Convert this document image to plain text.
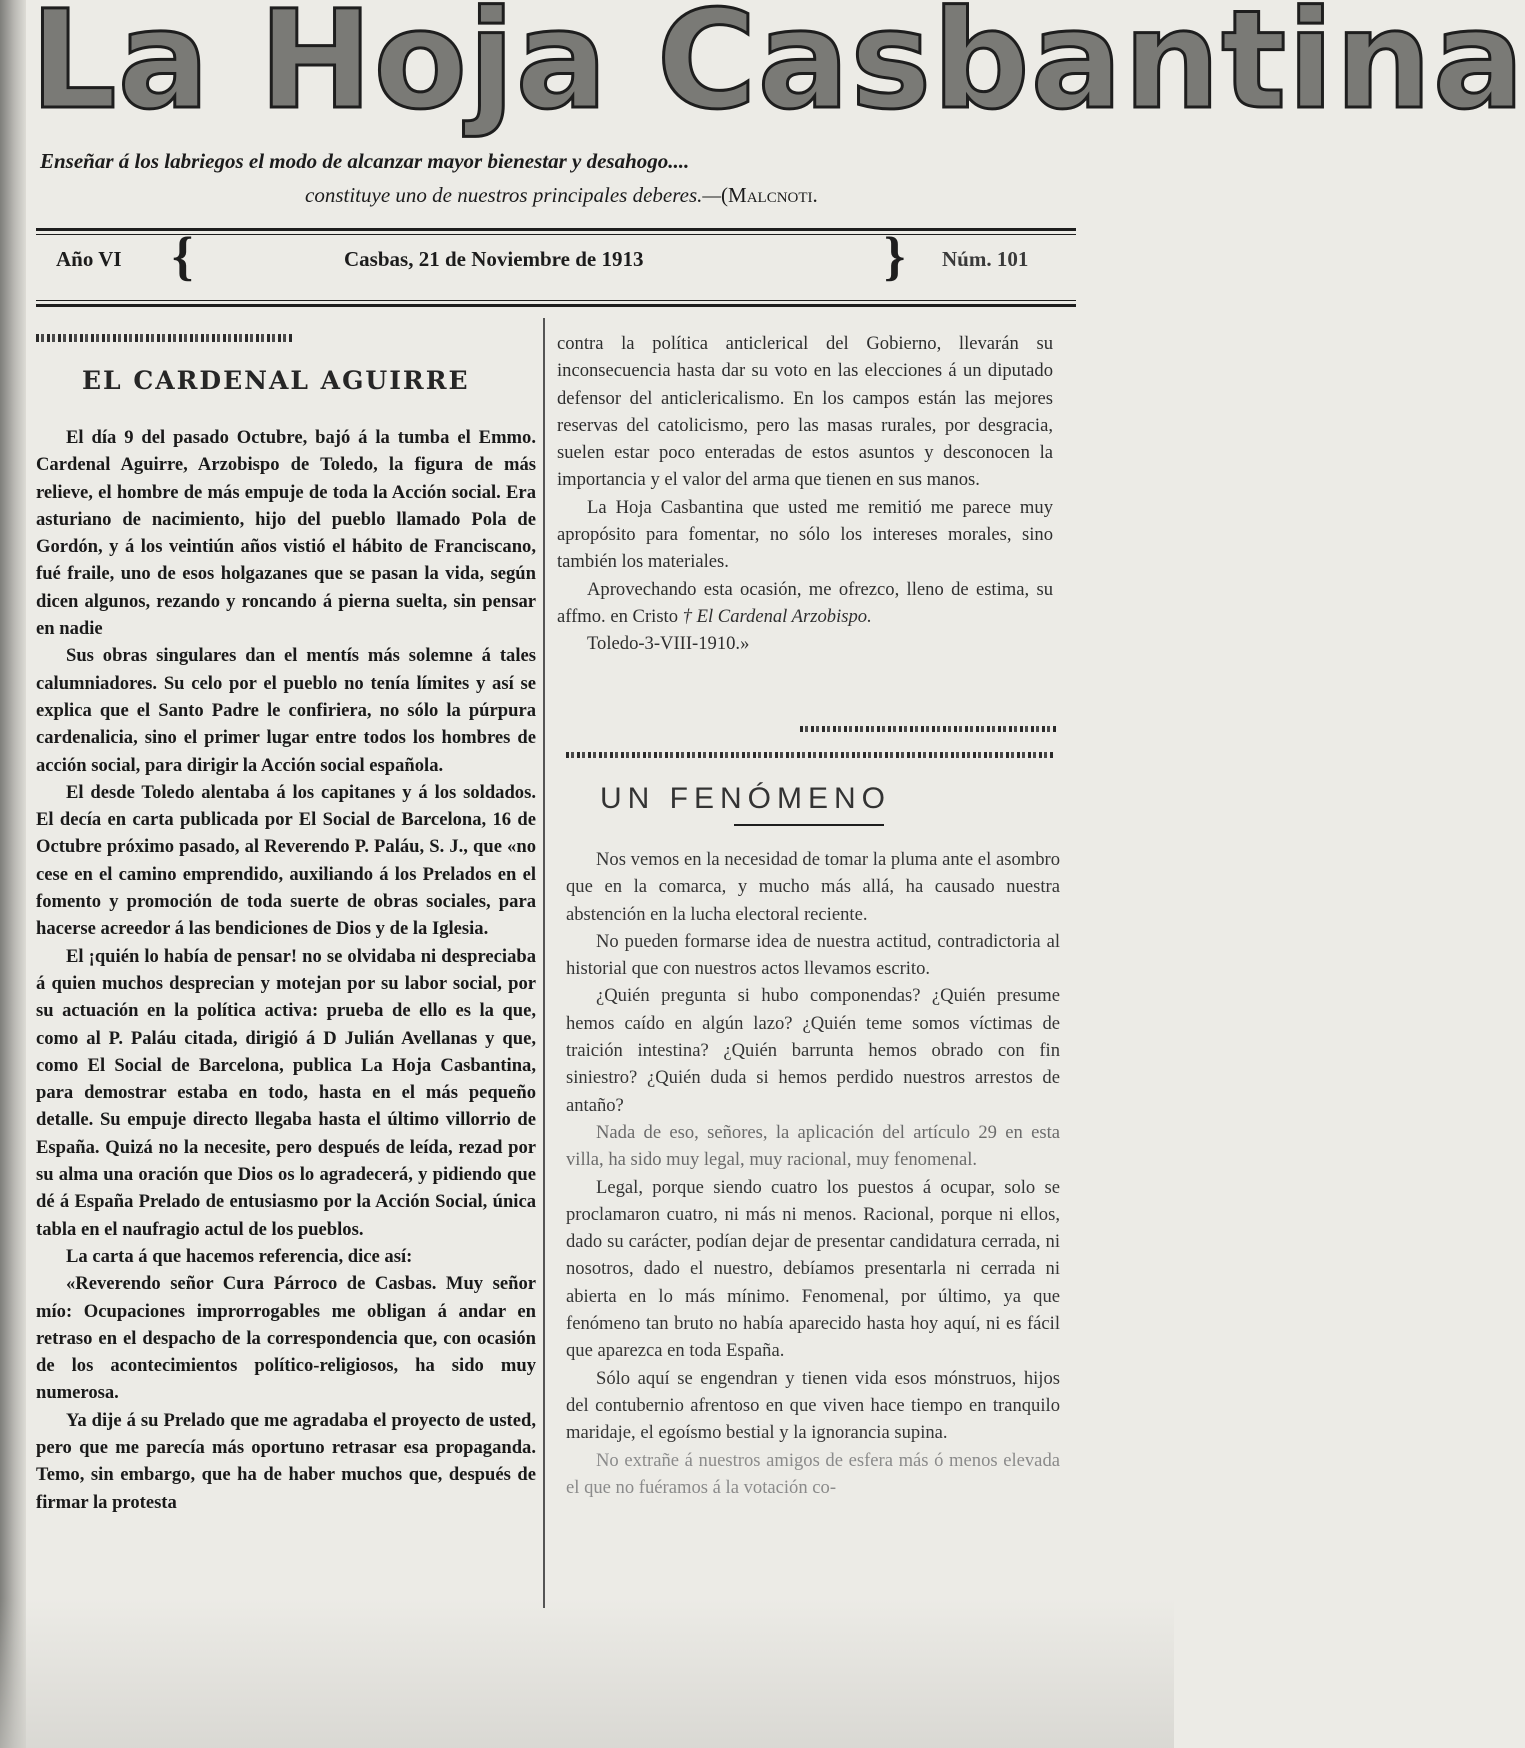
La Hoja Casbantina
Enseñar á los labriegos el modo de alcanzar mayor bienestar y desahogo....
constituye uno de nuestros principales deberes.—(Malcnoti.
Año VI {	Casbas, 21 de Noviembre de 1913	} Núm. 101
EL CARDENAL AGUIRRE

El día 9 del pasado Octubre, bajó á la tumba el Emmo. Cardenal Aguirre, Arzobispo de Toledo, la figura de más relieve, el hombre de más empuje de toda la Acción social. Era asturiano de nacimiento, hijo del pueblo llamado Pola de Gordón, y á los veintiún años vistió el hábito de Franciscano, fué fraile, uno de esos holgazanes que se pasan la vida, según dicen algunos, rezando y roncando á pierna suelta, sin pensar en nadie

Sus obras singulares dan el mentís más solemne á tales calumniadores. Su celo por el pueblo no tenía límites y así se explica que el Santo Padre le confiriera, no sólo la púrpura cardenalicia, sino el primer lugar entre todos los hombres de acción social, para dirigir la Acción social española.

El desde Toledo alentaba á los capitanes y á los soldados. El decía en carta publicada por El Social de Barcelona, 16 de Octubre próximo pasado, al Reverendo P. Paláu, S. J., que «no cese en el camino emprendido, auxiliando á los Prelados en el fomento y promoción de toda suerte de obras sociales, para hacerse acreedor á las bendiciones de Dios y de la Iglesia.

El ¡quién lo había de pensar! no se olvidaba ni despreciaba á quien muchos desprecian y motejan por su labor social, por su actuación en la política activa: prueba de ello es la que, como al P. Paláu citada, dirigió á D Julián Avellanas y que, como El Social de Barcelona, publica La Hoja Casbantina, para demostrar estaba en todo, hasta en el más pequeño detalle. Su empuje directo llegaba hasta el último villorrio de España. Quizá no la necesite, pero después de leída, rezad por su alma una oración que Dios os lo agradecerá, y pidiendo que dé á España Prelado de entusiasmo por la Acción Social, única tabla en el naufragio actul de los pueblos.

La carta á que hacemos referencia, dice así:

«Reverendo señor Cura Párroco de Casbas. Muy señor mío: Ocupaciones improrrogables me obligan á andar en retraso en el despacho de la correspondencia que, con ocasión de los acontecimientos político-religiosos, ha sido muy numerosa.

Ya dije á su Prelado que me agradaba el proyecto de usted, pero que me parecía más oportuno retrasar esa propaganda. Temo, sin embargo, que ha de haber muchos que, después de firmar la protesta

contra la política anticlerical del Gobierno, llevarán su inconsecuencia hasta dar su voto en las elecciones á un diputado defensor del anticlericalismo. En los campos están las mejores reservas del catolicismo, pero las masas rurales, por desgracia, suelen estar poco enteradas de estos asuntos y desconocen la importancia y el valor del arma que tienen en sus manos.

La Hoja Casbantina que usted me remitió me parece muy apropósito para fomentar, no sólo los intereses morales, sino también los materiales.

Aprovechando esta ocasión, me ofrezco, lleno de estima, su affmo. en Cristo † El Cardenal Arzobispo.

Toledo-3-VIII-1910.»

UN FENÓMENO

Nos vemos en la necesidad de tomar la pluma ante el asombro que en la comarca, y mucho más allá, ha causado nuestra abstención en la lucha electoral reciente.

No pueden formarse idea de nuestra actitud, contradictoria al historial que con nuestros actos llevamos escrito.

¿Quién pregunta si hubo componendas? ¿Quién presume hemos caído en algún lazo? ¿Quién teme somos víctimas de traición intestina? ¿Quién barrunta hemos obrado con fin siniestro? ¿Quién duda si hemos perdido nuestros arrestos de antaño?

Nada de eso, señores, la aplicación del artículo 29 en esta villa, ha sido muy legal, muy racional, muy fenomenal.

Legal, porque siendo cuatro los puestos á ocupar, solo se proclamaron cuatro, ni más ni menos. Racional, porque ni ellos, dado su carácter, podían dejar de presentar candidatura cerrada, ni nosotros, dado el nuestro, debíamos presentarla ni cerrada ni abierta en lo más mínimo. Fenomenal, por último, ya que fenómeno tan bruto no había aparecido hasta hoy aquí, ni es fácil que aparezca en toda España.

Sólo aquí se engendran y tienen vida esos mónstruos, hijos del contubernio afrentoso en que viven hace tiempo en tranquilo maridaje, el egoísmo bestial y la ignorancia supina.

No extrañe á nuestros amigos de esfera más ó menos elevada el que no fuéramos á la votación co-
